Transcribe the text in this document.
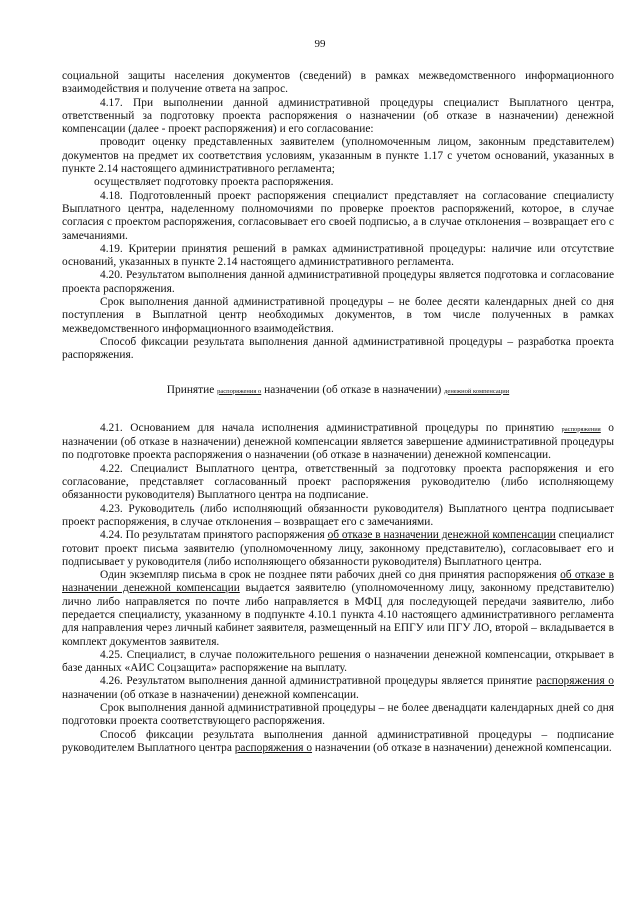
99

социальной защиты населения документов (сведений) в рамках межведомственного информационного взаимодействия и получение ответа на запрос.

4.17. При выполнении данной административной процедуры специалист Выплатного центра, ответственный за подготовку проекта распоряжения о назначении (об отказе в назначении) денежной компенсации (далее - проект распоряжения) и его согласование:

проводит оценку представленных заявителем (уполномоченным лицом, законным представителем) документов на предмет их соответствия условиям, указанным в пункте 1.17 с учетом оснований, указанных в пункте 2.14 настоящего административного регламента;

осуществляет подготовку проекта распоряжения.

4.18. Подготовленный проект распоряжения специалист представляет на согласование специалисту Выплатного центра, наделенному полномочиями по проверке проектов распоряжений, которое, в случае согласия с проектом распоряжения, согласовывает его своей подписью, а в случае отклонения – возвращает его с замечаниями.

4.19. Критерии принятия решений в рамках административной процедуры: наличие или отсутствие оснований, указанных в пункте 2.14 настоящего административного регламента.

4.20. Результатом выполнения данной административной процедуры является подготовка и согласование проекта распоряжения.

Срок выполнения данной административной процедуры – не более десяти календарных дней со дня поступления в Выплатной центр необходимых документов, в том числе полученных в рамках межведомственного информационного взаимодействия.

Способ фиксации результата выполнения данной административной процедуры – разработка проекта распоряжения.

Принятие распоряжения о назначении (об отказе в назначении) денежной компенсации

4.21. Основанием для начала исполнения административной процедуры по принятию распоряжения о назначении (об отказе в назначении) денежной компенсации является завершение административной процедуры по подготовке проекта распоряжения о назначении (об отказе в назначении) денежной компенсации.

4.22. Специалист Выплатного центра, ответственный за подготовку проекта распоряжения и его согласование, представляет согласованный проект распоряжения руководителю (либо исполняющему обязанности руководителя) Выплатного центра на подписание.

4.23. Руководитель (либо исполняющий обязанности руководителя) Выплатного центра подписывает проект распоряжения, в случае отклонения – возвращает его с замечаниями.

4.24. По результатам принятого распоряжения об отказе в назначении денежной компенсации специалист готовит проект письма заявителю (уполномоченному лицу, законному представителю), согласовывает его и подписывает у руководителя (либо исполняющего обязанности руководителя) Выплатного центра.

Один экземпляр письма в срок не позднее пяти рабочих дней со дня принятия распоряжения об отказе в назначении денежной компенсации выдается заявителю (уполномоченному лицу, законному представителю) лично либо направляется по почте либо направляется в МФЦ для последующей передачи заявителю, либо передается специалисту, указанному в подпункте 4.10.1 пункта 4.10 настоящего административного регламента для направления через личный кабинет заявителя, размещенный на ЕПГУ или ПГУ ЛО, второй – вкладывается в комплект документов заявителя.

4.25. Специалист, в случае положительного решения о назначении денежной компенсации, открывает в базе данных «АИС Соцзащита» распоряжение на выплату.

4.26. Результатом выполнения данной административной процедуры является принятие распоряжения о назначении (об отказе в назначении) денежной компенсации.

Срок выполнения данной административной процедуры – не более двенадцати календарных дней со дня подготовки проекта соответствующего распоряжения.

Способ фиксации результата выполнения данной административной процедуры – подписание руководителем Выплатного центра распоряжения о назначении (об отказе в назначении) денежной компенсации.
